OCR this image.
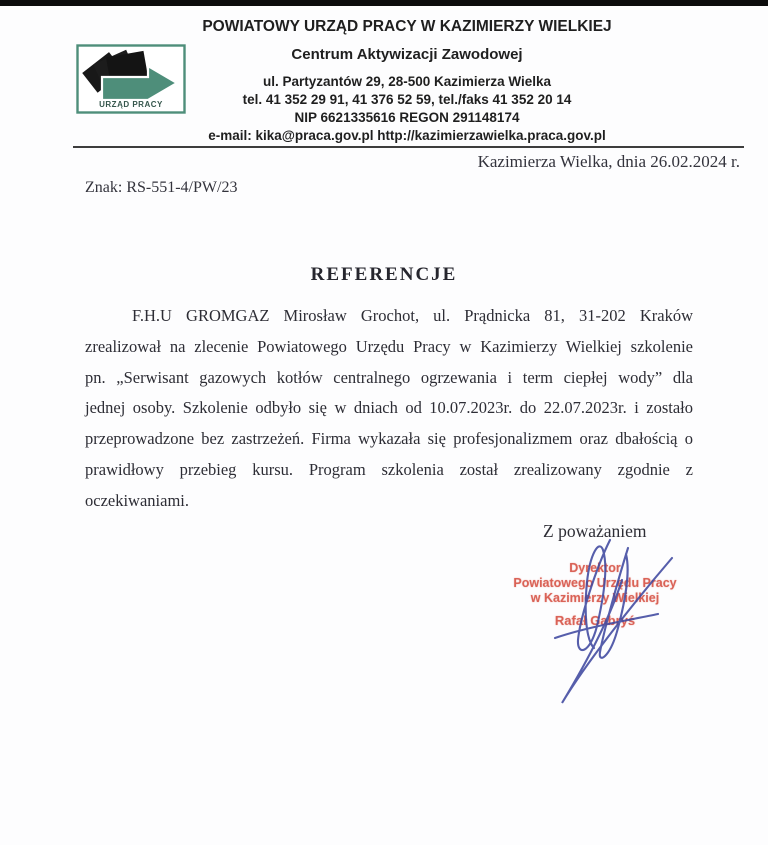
URZĄD PRACY
POWIATOWY URZĄD PRACY W KAZIMIERZY WIELKIEJ
Centrum Aktywizacji Zawodowej
ul. Partyzantów 29, 28-500 Kazimierza Wielka
tel. 41 352 29 91, 41 376 52 59, tel./faks 41 352 20 14
NIP 6621335616 REGON 291148174
e-mail: kika@praca.gov.pl http://kazimierzawielka.praca.gov.pl
Kazimierza Wielka, dnia 26.02.2024 r.
Znak: RS-551-4/PW/23
REFERENCJE
F.H.U GROMGAZ Mirosław Grochot, ul. Prądnicka 81, 31-202 Kraków zrealizował na zlecenie Powiatowego Urzędu Pracy w Kazimierzy Wielkiej szkolenie pn. „Serwisant gazowych kotłów centralnego ogrzewania i term ciepłej wody” dla jednej osoby. Szkolenie odbyło się w dniach od 10.07.2023r. do 22.07.2023r. i zostało przeprowadzone bez zastrzeżeń. Firma wykazała się profesjonalizmem oraz dbałością o prawidłowy przebieg kursu. Program szkolenia został zrealizowany zgodnie z oczekiwaniami.
Z poważaniem
Dyrektor
Powiatowego Urzędu Pracy
w Kazimierzy Wielkiej
Rafał Gabryś
